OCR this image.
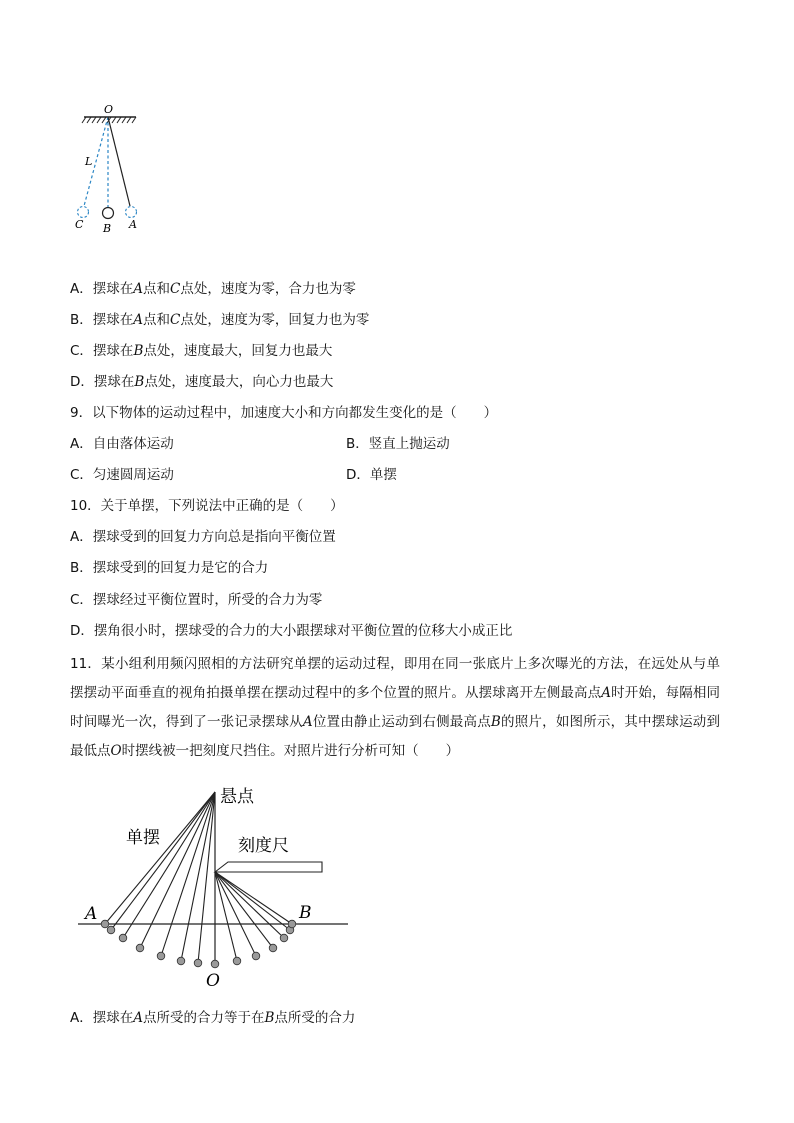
O
L
C B A
A．摆球在A点和C点处，速度为零，合力也为零
B．摆球在A点和C点处，速度为零，回复力也为零
C．摆球在B点处，速度最大，回复力也最大
D．摆球在B点处，速度最大，向心力也最大
9．以下物体的运动过程中，加速度大小和方向都发生变化的是（　　）
A．自由落体运动	B．竖直上抛运动
C．匀速圆周运动	D．单摆
10．关于单摆，下列说法中正确的是（　　）
A．摆球受到的回复力方向总是指向平衡位置
B．摆球受到的回复力是它的合力
C．摆球经过平衡位置时，所受的合力为零
D．摆角很小时，摆球受的合力的大小跟摆球对平衡位置的位移大小成正比
11．某小组利用频闪照相的方法研究单摆的运动过程，即用在同一张底片上多次曝光的方法，在远处从与单摆摆动平面垂直的视角拍摄单摆在摆动过程中的多个位置的照片。从摆球离开左侧最高点A时开始，每隔相同时间曝光一次，得到了一张记录摆球从A位置由静止运动到右侧最高点B的照片，如图所示，其中摆球运动到最低点O时摆线被一把刻度尺挡住。对照片进行分析可知（　　）
悬点
单摆	刻度尺
A	B
O
A．摆球在A点所受的合力等于在B点所受的合力
